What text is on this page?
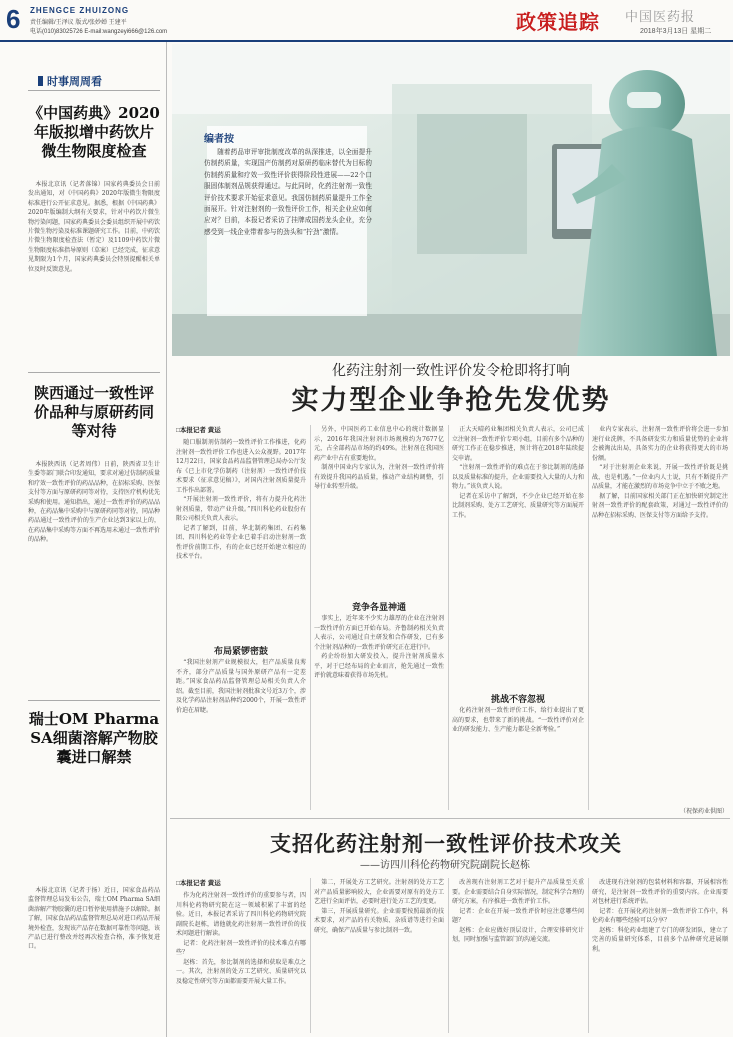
6 ZHENGCE ZHUIZONG
责任编辑/王泽议 版式/张妙婵 王建平
电话(010)83025726 E-mail:wangzeyi666@126.com	政策追踪 中国医药报
2018年3月13日 星期二
时事周周看
《中国药典》2020年版拟增中药饮片微生物限度检查
本报北京讯（记者落锦）国家药典委员会日前发出通知，对《中国药典》2020年版微生物限度标准进行公开征求意见。据悉，根据《中国药典》2020年版编制大纲有关要求，针对中药饮片微生物污染问题，国家药典委员会委员组织开展中药饮片微生物污染及标准课题研究工作。目前，中药饮片微生物限度检查法（暂定）及1109中药饮片微生物限度标准指导原则（草案）已经完成，征求意见期限为1个月，国家药典委员会特别提醒相关单位及时反馈意见。
陕西通过一致性评价品种与原研药同等对待
本报陕西讯（记者周伟）日前，陕西省卫生计生委等部门联合印发通知，要求对通过仿制药质量和疗效一致性评价的药品品种，在招标采购、医保支付等方面与原研药同等对待，支持医疗机构优先采购和使用。通知指出，通过一致性评价的药品品种，在药品集中采购中与原研药同等对待，同品种药品通过一致性评价的生产企业达到3家以上的，在药品集中采购等方面不再选用未通过一致性评价的品种。
瑞士OM Pharma SA细菌溶解产物胶囊进口解禁
本报北京讯（记者于扬）近日，国家食品药品监督管理总局发布公告，瑞士OM Pharma SA细菌溶解产物胶囊的进口暂停使用措施予以解除。据了解，国家食品药品监督管理总局对进口药品开展境外检查，发现该产品存在数据可靠性等问题，该产品已进行整改并经再次检查合格，准予恢复进口。
编者按
随着药品审评审批制度改革的纵深推进，以全面提升仿制药质量，实现国产仿制药对原研药临床替代为目标的仿制药质量和疗效一致性评价获得阶段性进展——22个口服固体制剂品规获得通过。与此同时，化药注射剂一致性评价技术要求开始征求意见。我国仿制药质量提升工作全面展开。针对注射剂的一致性评价工作，相关企业应如何应对？目前，本报记者采访了挂牌成国药龙头企业，充分感受到一线企业带着参与的劲头和“拧劲”激情。
化药注射剂一致性评价发令枪即将打响
实力型企业争抢先发优势
□本报记者 黄运

随口服制剂仿制药一致性评价工作推进，化药注射剂一致性评价工作也进入公众视野。2017年12月22日，国家食品药品监督管理总局办公厅发布《已上市化学仿制药（注射剂）一致性评价技术要求（征求意见稿）》，对国内注射剂质量提升工作作出部署。

“开展注射剂一致性评价，将有力提升化药注射剂质量，带动产业升级。”四川科伦药业股份有限公司相关负责人表示。

记者了解到，目前，华北制药集团、石药集团、四川科伦药业等企业已着手启动注射剂一致性评价前期工作，有的企业已经开始建立相应的技术平台。

布局紧锣密鼓

“我国注射剂产业规模很大，但产品质量良莠不齐，部分产品质量与国外原研产品有一定差距。”国家食品药品监督管理总局相关负责人介绍。截至目前，我国注射剂批准文号近3万个，涉及化学药品注射剂品种约2000个，开展一致性评价迫在眉睫。

另外，中国医药工业信息中心的统计数据显示，2016年我国注射剂市场规模约为7677亿元，占全部药品市场的约49%。注射剂在我国医药产业中占有重要地位。

制剂中国业内专家认为，注射剂一致性评价将有效提升我国药品质量，推动产业结构调整，引导行业转型升级。

竞争各显神通

事实上，近年来不少实力雄厚的企业在注射剂一致性评价方面已开始布局。齐鲁制药相关负责人表示，公司通过自主研发和合作研发，已有多个注射剂品种的一致性评价研究正在进行中。

药企纷纷加大研发投入，提升注射剂质量水平，对于已经布局的企业而言，抢先通过一致性评价就意味着获得市场先机。

正大天晴药业集团相关负责人表示，公司已成立注射剂一致性评价专项小组，目前有多个品种的研究工作正在稳步推进，预计将在2018年陆续提交申请。

“注射剂一致性评价的难点在于参比制剂的选择以及质量标准的提升，企业需要投入大量的人力和物力。”该负责人说。

记者在采访中了解到，不少企业已经开始在参比制剂采购、处方工艺研究、质量研究等方面展开工作。

挑战不容忽视

化药注射剂一致性评价工作，给行业提出了更高的要求，也带来了新的挑战。“一致性评价对企业的研发能力、生产能力都是全新考验。”

业内专家表示，注射剂一致性评价将会进一步加速行业洗牌，不具备研发实力和质量优势的企业将会被淘汰出局，具备实力的企业将获得更大的市场份额。

“对于注射剂企业来说，开展一致性评价既是挑战，也是机遇。”一位业内人士说，只有不断提升产品质量，才能在激烈的市场竞争中立于不败之地。

据了解，目前国家相关部门正在加快研究制定注射剂一致性评价的配套政策，对通过一致性评价的品种在招标采购、医保支付等方面给予支持。

（祝保药业供图）
支招化药注射剂一致性评价技术攻关
——访四川科伦药物研究院副院长赵栋
□本报记者 黄运

作为化药注射剂一致性评价的重要参与者，四川科伦药物研究院在这一领域积累了丰富的经验。近日，本报记者采访了四川科伦药物研究院副院长赵栋，请他就化药注射剂一致性评价的技术问题进行解读。

记者：化药注射剂一致性评价的技术难点有哪些？

赵栋：首先，参比制剂的选择和获取是难点之一。其次，注射剂的处方工艺研究、质量研究以及稳定性研究等方面都需要开展大量工作。

第二，开展处方工艺研究。注射剂的处方工艺对产品质量影响较大，企业需要对原有的处方工艺进行全面评估，必要时进行处方工艺的变更。

第三，开展质量研究。企业需要按照最新的技术要求，对产品的有关物质、杂质谱等进行全面研究，确保产品质量与参比制剂一致。

改善现有注射剂工艺对于提升产品质量至关重要。企业需要结合自身实际情况，制定科学合理的研究方案，有序推进一致性评价工作。

记者：企业在开展一致性评价时应注意哪些问题？

赵栋：企业应做好顶层设计，合理安排研究计划，同时加强与监管部门的沟通交流。

改进现有注射剂的包装材料和容器，开展相容性研究，是注射剂一致性评价的重要内容。企业需要对包材进行系统评估。

记者：在开展化药注射剂一致性评价工作中，科伦药业有哪些经验可以分享？

赵栋：科伦药业组建了专门的研发团队，建立了完善的质量研究体系，目前多个品种研究进展顺利。
